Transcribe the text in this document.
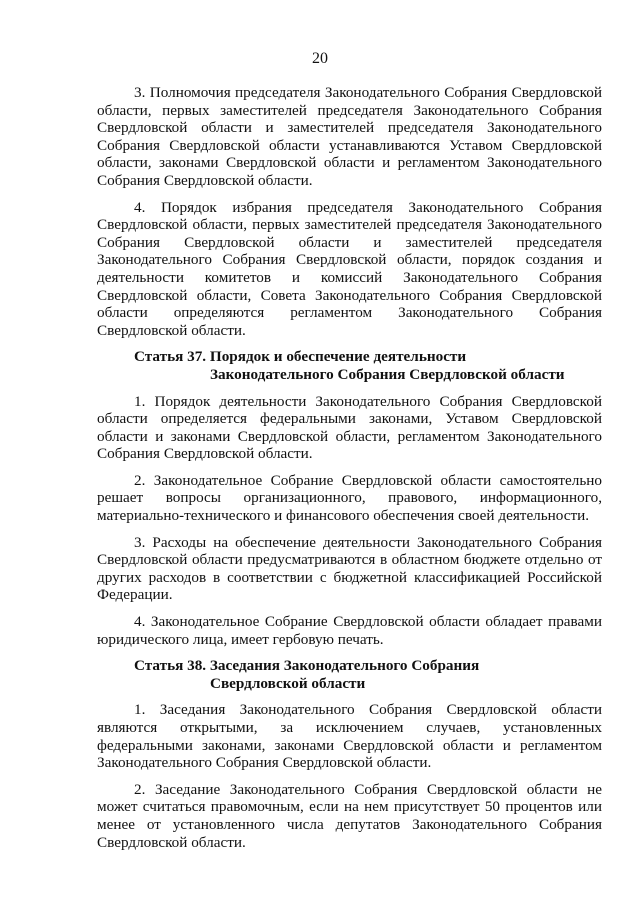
20

3. Полномочия председателя Законодательного Собрания Свердловской области, первых заместителей председателя Законодательного Собрания Свердловской области и заместителей председателя Законодательного Собрания Свердловской области устанавливаются Уставом Свердловской области, законами Свердловской области и регламентом Законодательного Собрания Свердловской области.

4. Порядок избрания председателя Законодательного Собрания Свердловской области, первых заместителей председателя Законодательного Собрания Свердловской области и заместителей председателя Законодательного Собрания Свердловской области, порядок создания и деятельности комитетов и комиссий Законодательного Собрания Свердловской области, Совета Законодательного Собрания Свердловской области определяются регламентом Законодательного Собрания Свердловской области.

Статья 37. Порядок и обеспечение деятельности
Законодательного Собрания Свердловской области

1. Порядок деятельности Законодательного Собрания Свердловской области определяется федеральными законами, Уставом Свердловской области и законами Свердловской области, регламентом Законодательного Собрания Свердловской области.

2. Законодательное Собрание Свердловской области самостоятельно решает вопросы организационного, правового, информационного, материально-технического и финансового обеспечения своей деятельности.

3. Расходы на обеспечение деятельности Законодательного Собрания Свердловской области предусматриваются в областном бюджете отдельно от других расходов в соответствии с бюджетной классификацией Российской Федерации.

4. Законодательное Собрание Свердловской области обладает правами юридического лица, имеет гербовую печать.

Статья 38. Заседания Законодательного Собрания
Свердловской области

1. Заседания Законодательного Собрания Свердловской области являются открытыми, за исключением случаев, установленных федеральными законами, законами Свердловской области и регламентом Законодательного Собрания Свердловской области.

2. Заседание Законодательного Собрания Свердловской области не может считаться правомочным, если на нем присутствует 50 процентов или менее от установленного числа депутатов Законодательного Собрания Свердловской области.
